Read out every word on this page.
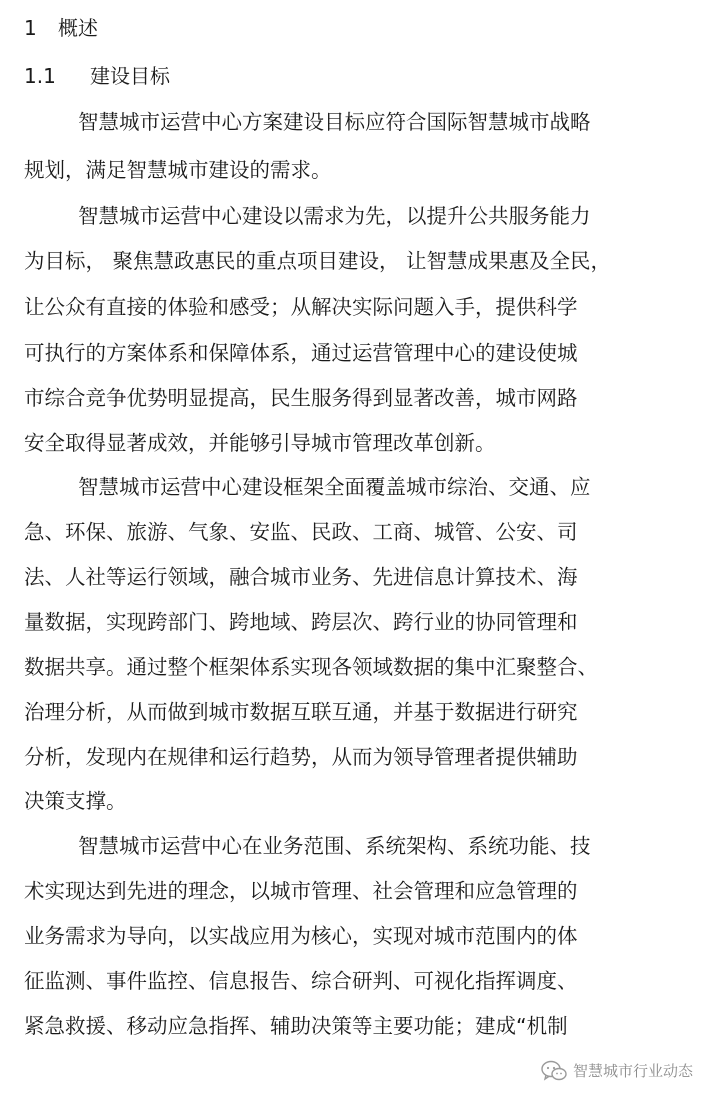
1 概述
1.1 建设目标
智慧城市运营中心方案建设目标应符合国际智慧城市战略
规划，满足智慧城市建设的需求。
智慧城市运营中心建设以需求为先，以提升公共服务能力
为目标， 聚焦慧政惠民的重点项目建设， 让智慧成果惠及全民，
让公众有直接的体验和感受；从解决实际问题入手，提供科学
可执行的方案体系和保障体系，通过运营管理中心的建设使城
市综合竞争优势明显提高，民生服务得到显著改善，城市网路
安全取得显著成效，并能够引导城市管理改革创新。
智慧城市运营中心建设框架全面覆盖城市综治、交通、应
急、环保、旅游、气象、安监、民政、工商、城管、公安、司
法、人社等运行领域，融合城市业务、先进信息计算技术、海
量数据，实现跨部门、跨地域、跨层次、跨行业的协同管理和
数据共享。通过整个框架体系实现各领域数据的集中汇聚整合、
治理分析，从而做到城市数据互联互通，并基于数据进行研究
分析，发现内在规律和运行趋势，从而为领导管理者提供辅助
决策支撑。
智慧城市运营中心在业务范围、系统架构、系统功能、技
术实现达到先进的理念，以城市管理、社会管理和应急管理的
业务需求为导向，以实战应用为核心，实现对城市范围内的体
征监测、事件监控、信息报告、综合研判、可视化指挥调度、
紧急救援、移动应急指挥、辅助决策等主要功能；建成“机制
智慧城市行业动态
